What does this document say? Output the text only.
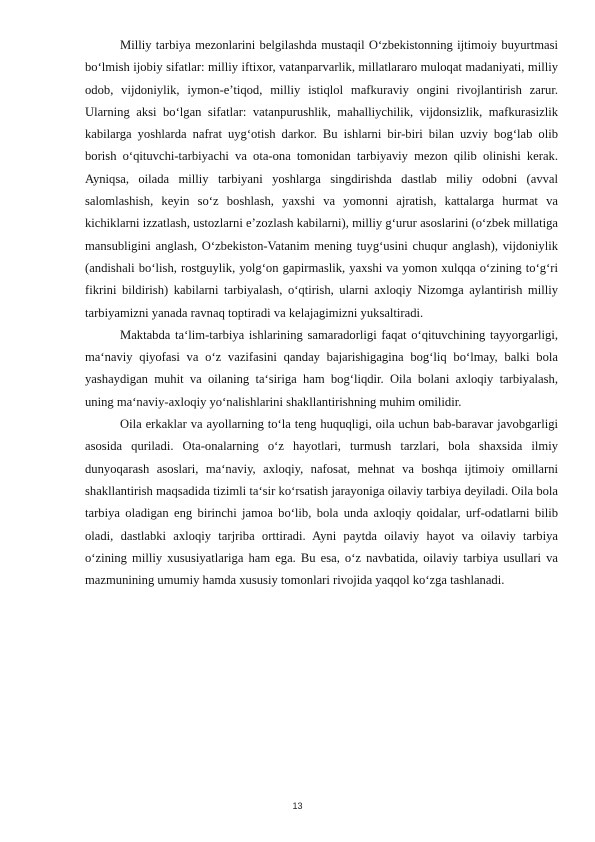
Milliy tarbiya mezonlarini belgilashda mustaqil O‘zbekistonning ijtimoiy buyurtmasi bo‘lmish ijobiy sifatlar: milliy iftixor, vatanparvarlik, millatlararo muloqat madaniyati, milliy odob, vijdoniylik, iymon-e’tiqod, milliy istiqlol mafkuraviy ongini rivojlantirish zarur. Ularning aksi bo‘lgan sifatlar: vatanpurushlik, mahalliychilik, vijdonsizlik, mafkurasizlik kabilarga yoshlarda nafrat uyg‘otish darkor. Bu ishlarni bir-biri bilan uzviy bog‘lab olib borish o‘qituvchi-tarbiyachi va ota-ona tomonidan tarbiyaviy mezon qilib olinishi kerak. Ayniqsa, oilada milliy tarbiyani yoshlarga singdirishda dastlab miliy odobni (avval salomlashish, keyin so‘z boshlash, yaxshi va yomonni ajratish, kattalarga hurmat va kichiklarni izzatlash, ustozlarni e’zozlash kabilarni), milliy g‘urur asoslarini (o‘zbek millatiga mansubligini anglash, O‘zbekiston-Vatanim mening tuyg‘usini chuqur anglash), vijdoniylik (andishali bo‘lish, rostguylik, yolg‘on gapirmaslik, yaxshi va yomon xulqqa o‘zining to‘g‘ri fikrini bildirish) kabilarni tarbiyalash, o‘qtirish, ularni axloqiy Nizomga aylantirish milliy tarbiyamizni yanada ravnaq toptiradi va kelajagimizni yuksaltiradi.

Maktabda ta‘lim-tarbiya ishlarining samaradorligi faqat o‘qituvchining tayyorgarligi, ma‘naviy qiyofasi va o‘z vazifasini qanday bajarishigagina bog‘liq bo‘lmay, balki bola yashaydigan muhit va oilaning ta‘siriga ham bog‘liqdir. Oila bolani axloqiy tarbiyalash, uning ma‘naviy-axloqiy yo‘nalishlarini shakllantirishning muhim omilidir.

Oila erkaklar va ayollarning to‘la teng huquqligi, oila uchun bab-baravar javobgarligi asosida quriladi. Ota-onalarning o‘z hayotlari, turmush tarzlari, bola shaxsida ilmiy dunyoqarash asoslari, ma‘naviy, axloqiy, nafosat, mehnat va boshqa ijtimoiy omillarni shakllantirish maqsadida tizimli ta‘sir ko‘rsatish jarayoniga oilaviy tarbiya deyiladi. Oila bola tarbiya oladigan eng birinchi jamoa bo‘lib, bola unda axloqiy qoidalar, urf-odatlarni bilib oladi, dastlabki axloqiy tarjriba orttiradi. Ayni paytda oilaviy hayot va oilaviy tarbiya o‘zining milliy xususiyatlariga ham ega. Bu esa, o‘z navbatida, oilaviy tarbiya usullari va mazmunining umumiy hamda xususiy tomonlari rivojida yaqqol ko‘zga tashlanadi.

13
